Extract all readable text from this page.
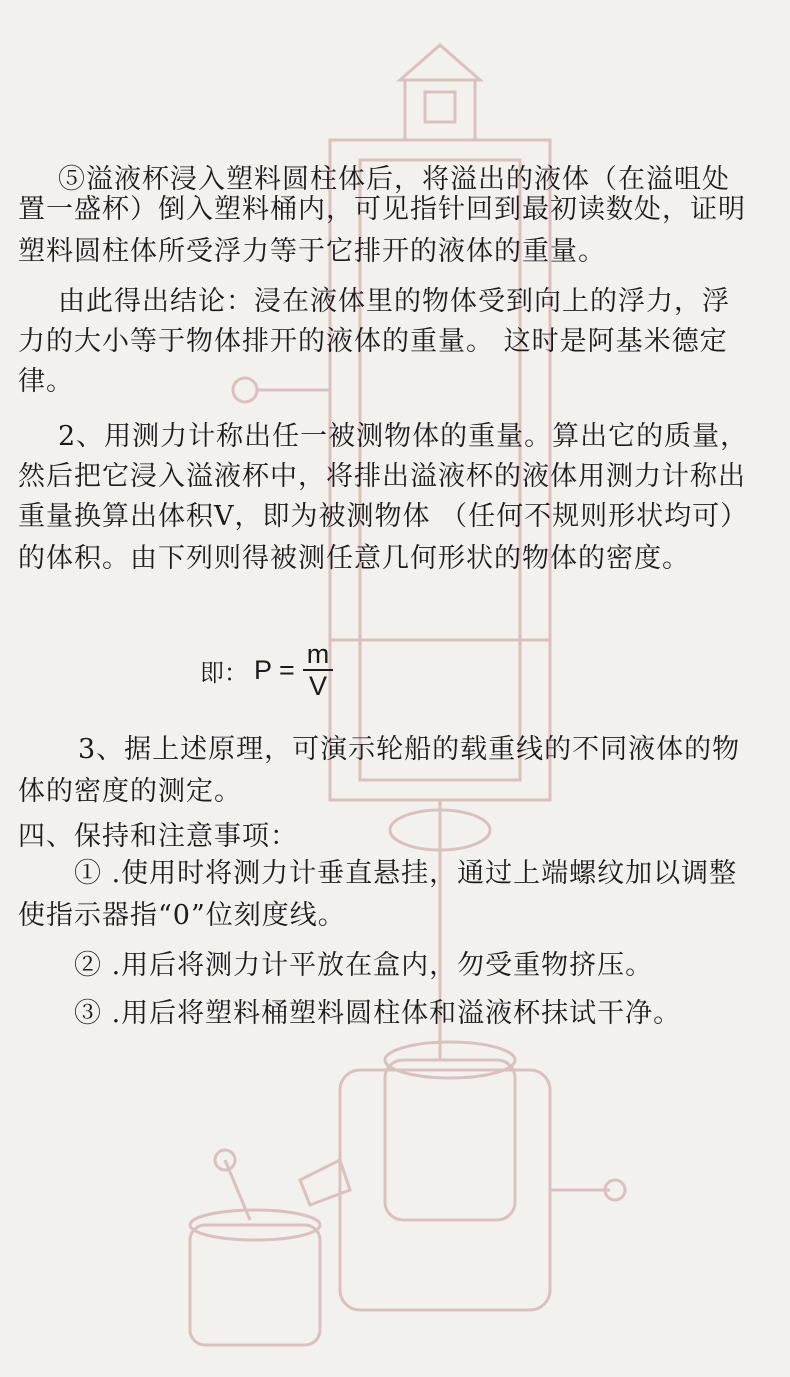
⑤溢液杯浸入塑料圆柱体后，将溢出的液体（在溢咀处
置一盛杯）倒入塑料桶内，可见指针回到最初读数处，证明
塑料圆柱体所受浮力等于它排开的液体的重量。
由此得出结论：浸在液体里的物体受到向上的浮力，浮
力的大小等于物体排开的液体的重量。 这时是阿基米德定
律。
2、用测力计称出任一被测物体的重量。算出它的质量，
然后把它浸入溢液杯中，将排出溢液杯的液体用测力计称出
重量换算出体积V，即为被测物体 （任何不规则形状均可）
的体积。由下列则得被测任意几何形状的物体的密度。
即： $P = \frac{m}{V}$
3、据上述原理，可演示轮船的载重线的不同液体的物
体的密度的测定。
四、保持和注意事项：
① .使用时将测力计垂直悬挂，通过上端螺纹加以调整
使指示器指“0”位刻度线。
② .用后将测力计平放在盒内，勿受重物挤压。
③ .用后将塑料桶塑料圆柱体和溢液杯抹试干净。
